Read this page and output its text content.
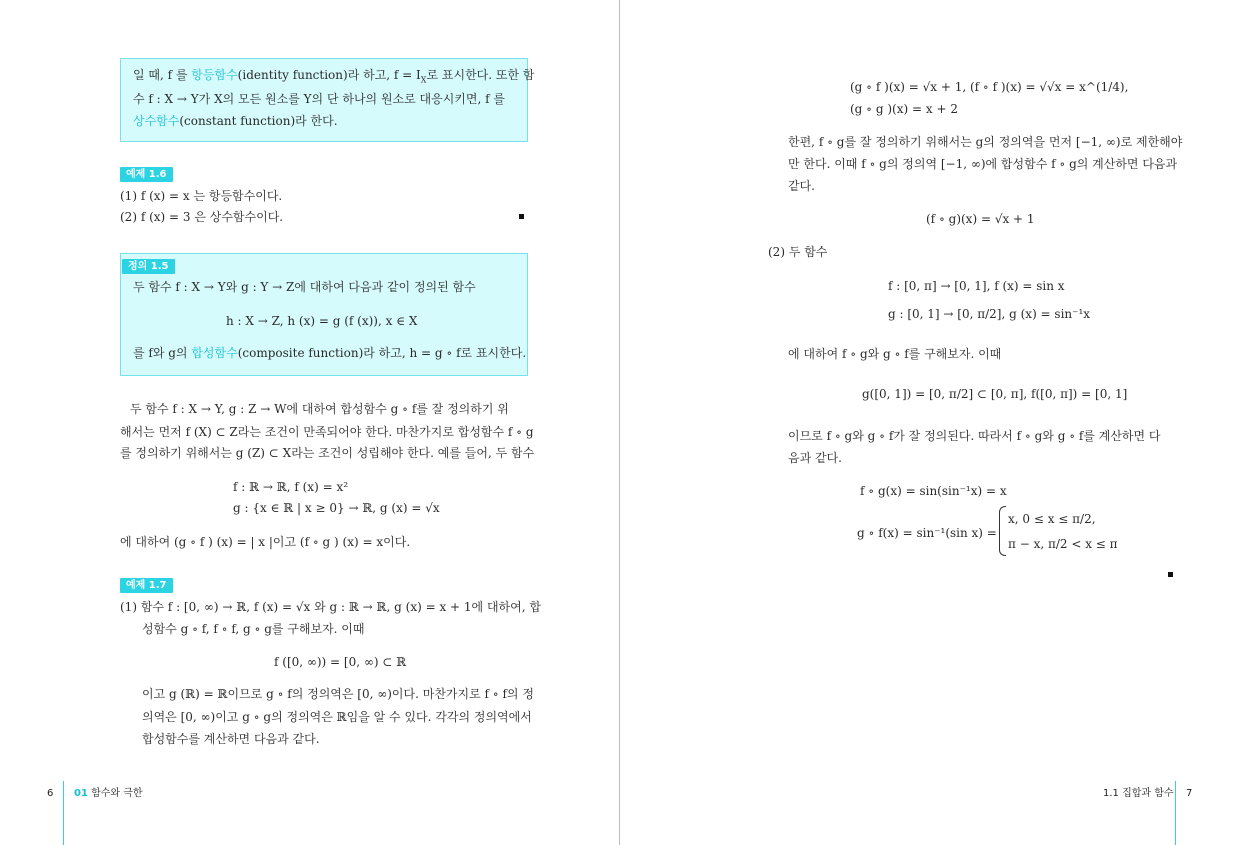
일 때, f 를 항등함수(identity function)라 하고, $f = I_X$로 표시한다. 또한 함

수 f : X → Y가 X의 모든 원소를 Y의 단 하나의 원소로 대응시키면, f 를

상수함수(constant function)라 한다.

예제 1.6

(1) f (x) = x 는 항등함수이다.

(2) f (x) = 3 은 상수함수이다.

정의 1.5

두 함수 f : X → Y와 g : Y → Z에 대하여 다음과 같이 정의된 함수

h : X → Z, h (x) = g (f (x)), x ∈ X

를 f와 g의 합성함수(composite function)라 하고, h = g ∘ f로 표시한다.

두 함수 f : X → Y, g : Z → W에 대하여 합성함수 g ∘ f를 잘 정의하기 위

해서는 먼저 f (X) ⊂ Z라는 조건이 만족되어야 한다. 마찬가지로 합성함수 f ∘ g

를 정의하기 위해서는 g (Z) ⊂ X라는 조건이 성립해야 한다. 예를 들어, 두 함수

f : ℝ → ℝ, f (x) = x²

g : {x ∈ ℝ | x ≥ 0} → ℝ, g (x) = √x

에 대하여 (g ∘ f ) (x) = | x |이고 (f ∘ g ) (x) = x이다.

예제 1.7

(1) 함수 f : [0, ∞) → ℝ, f (x) = √x 와 g : ℝ → ℝ, g (x) = x + 1에 대하여, 합

성함수 g ∘ f, f ∘ f, g ∘ g를 구해보자. 이때

f ([0, ∞)) = [0, ∞) ⊂ ℝ

이고 g (ℝ) = ℝ이므로 g ∘ f의 정의역은 [0, ∞)이다. 마찬가지로 f ∘ f의 정

의역은 [0, ∞)이고 g ∘ g의 정의역은 ℝ임을 알 수 있다. 각각의 정의역에서

합성함수를 계산하면 다음과 같다.

6 01 함수와 극한

(g ∘ f )(x) = √x + 1, (f ∘ f )(x) = √√x = x^(1/4),

(g ∘ g )(x) = x + 2

한편, f ∘ g를 잘 정의하기 위해서는 g의 정의역을 먼저 [−1, ∞)로 제한해야

만 한다. 이때 f ∘ g의 정의역 [−1, ∞)에 합성함수 f ∘ g의 계산하면 다음과

같다.

(f ∘ g)(x) = √x + 1

(2) 두 함수

f : [0, π] → [0, 1], f (x) = sin x

g : [0, 1] → [0, π/2], g (x) = sin⁻¹x

에 대하여 f ∘ g와 g ∘ f를 구해보자. 이때

g([0, 1]) = [0, π/2] ⊂ [0, π], f([0, π]) = [0, 1]

이므로 f ∘ g와 g ∘ f가 잘 정의된다. 따라서 f ∘ g와 g ∘ f를 계산하면 다

음과 같다.

f ∘ g(x) = sin(sin⁻¹x) = x

g ∘ f(x) = sin⁻¹(sin x) =

x, 0 ≤ x ≤ π/2,

π − x, π/2 < x ≤ π

1.1 집합과 함수 7
